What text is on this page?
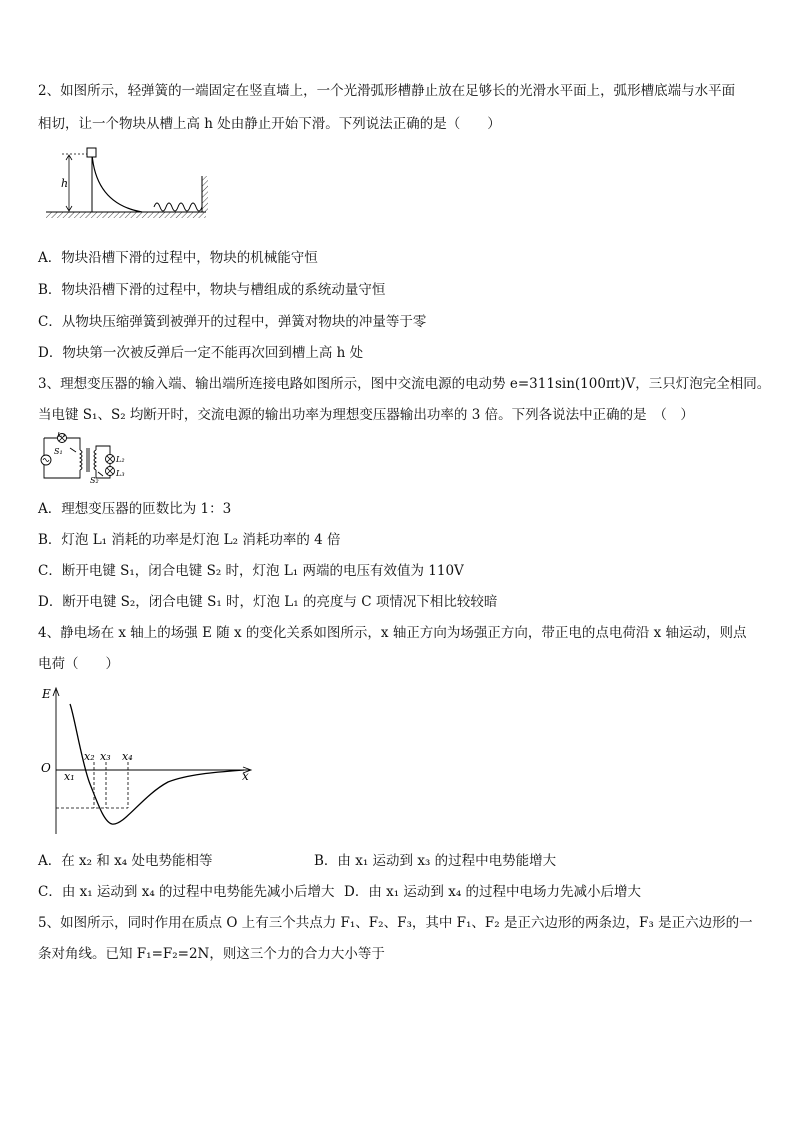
2、如图所示，轻弹簧的一端固定在竖直墙上，一个光滑弧形槽静止放在足够长的光滑水平面上，弧形槽底端与水平面
相切，让一个物块从槽上高 h 处由静止开始下滑。下列说法正确的是（　　）
h
A．物块沿槽下滑的过程中，物块的机械能守恒
B．物块沿槽下滑的过程中，物块与槽组成的系统动量守恒
C．从物块压缩弹簧到被弹开的过程中，弹簧对物块的冲量等于零
D．物块第一次被反弹后一定不能再次回到槽上高 h 处
3、理想变压器的输入端、输出端所连接电路如图所示，图中交流电源的电动势 e=311sin(100πt)V，三只灯泡完全相同。
当电键 S₁、S₂ 均断开时，交流电源的输出功率为理想变压器输出功率的 3 倍。下列各说法中正确的是　（　）
L₁
S₁
L₂
L₃
S₂
A．理想变压器的匝数比为 1：3
B．灯泡 L₁ 消耗的功率是灯泡 L₂ 消耗功率的 4 倍
C．断开电键 S₁，闭合电键 S₂ 时，灯泡 L₁ 两端的电压有效值为 110V
D．断开电键 S₂，闭合电键 S₁ 时，灯泡 L₁ 的亮度与 C 项情况下相比较较暗
4、静电场在 x 轴上的场强 E 随 x 的变化关系如图所示，x 轴正方向为场强正方向，带正电的点电荷沿 x 轴运动，则点
电荷（　　）
E
O
x
x₁
x₂ x₃ x₄
A．在 x₂ 和 x₄ 处电势能相等	B．由 x₁ 运动到 x₃ 的过程中电势能增大
C．由 x₁ 运动到 x₄ 的过程中电势能先减小后增大 D．由 x₁ 运动到 x₄ 的过程中电场力先减小后增大
5、如图所示，同时作用在质点 O 上有三个共点力 F₁、F₂、F₃，其中 F₁、F₂ 是正六边形的两条边，F₃ 是正六边形的一
条对角线。已知 F₁=F₂=2N，则这三个力的合力大小等于
